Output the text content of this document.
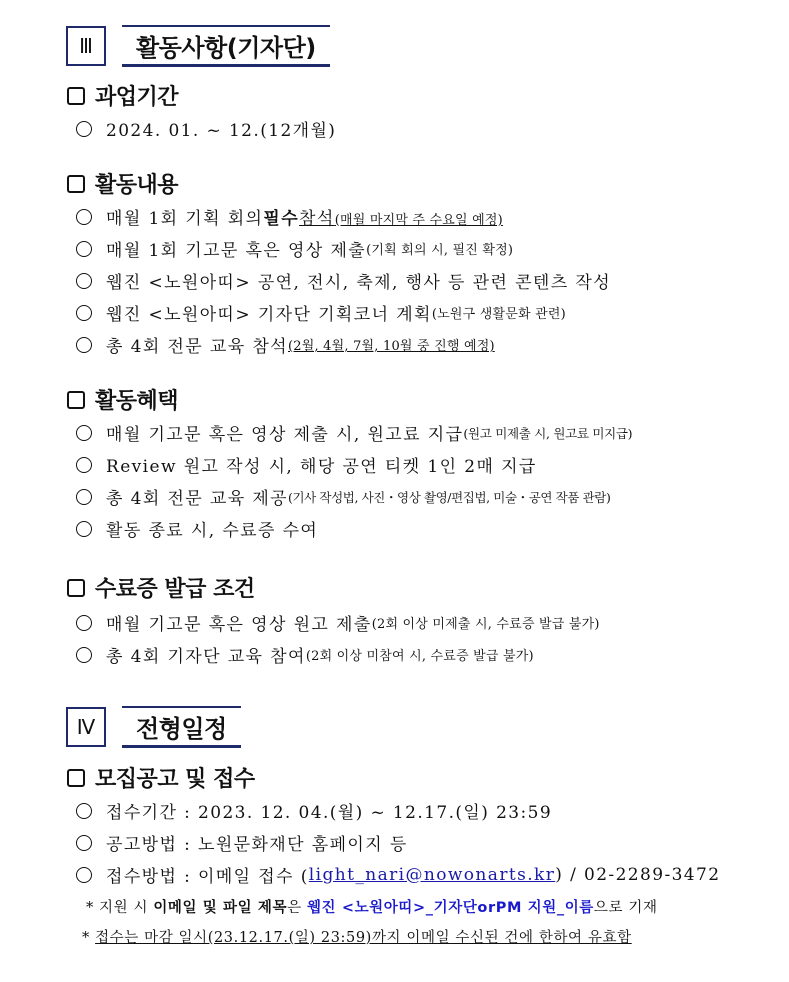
Ⅲ	활동사항(기자단)
과업기간
2024. 01. ~ 12.(12개월)
활동내용
매월 1회 기획 회의 필수 참석(매월 마지막 주 수요일 예정)
매월 1회 기고문 혹은 영상 제출 (기획 회의 시, 필진 확정)
웹진 <노원아띠> 공연, 전시, 축제, 행사 등 관련 콘텐츠 작성
웹진 <노원아띠> 기자단 기획코너 계획 (노원구 생활문화 관련)
총 4회 전문 교육 참석 (2월, 4월, 7월, 10월 중 진행 예정)
활동혜택
매월 기고문 혹은 영상 제출 시, 원고료 지급 (원고 미제출 시, 원고료 미지급)
Review 원고 작성 시, 해당 공연 티켓 1인 2매 지급
총 4회 전문 교육 제공 (기사 작성법, 사진・영상 촬영/편집법, 미술・공연 작품 관람)
활동 종료 시, 수료증 수여
수료증 발급 조건
매월 기고문 혹은 영상 원고 제출 (2회 이상 미제출 시, 수료증 발급 불가)
총 4회 기자단 교육 참여 (2회 이상 미참여 시, 수료증 발급 불가)
Ⅳ	전형일정
모집공고 및 접수
접수기간 : 2023. 12. 04.(월) ~ 12.17.(일) 23:59
공고방법 : 노원문화재단 홈페이지 등
접수방법 : 이메일 접수 ( light_nari@nowonarts.kr ) / 02-2289-3472
* 지원 시 이메일 및 파일 제목은 웹진 <노원아띠>_기자단orPM 지원_이름으로 기재
* 접수는 마감 일시(23.12.17.(일) 23:59)까지 이메일 수신된 건에 한하여 유효함
